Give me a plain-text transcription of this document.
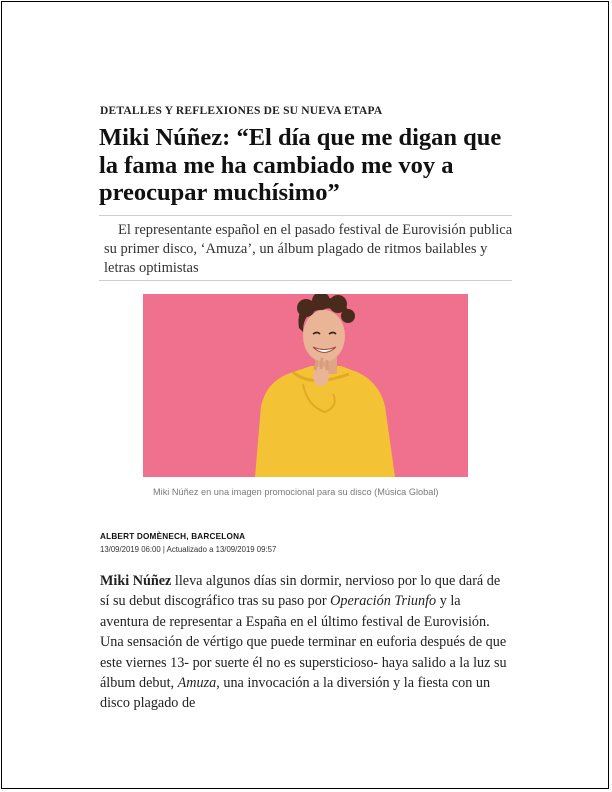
DETALLES Y REFLEXIONES DE SU NUEVA ETAPA
Miki Núñez: “El día que me digan que la fama me ha cambiado me voy a preocupar muchísimo”
El representante español en el pasado festival de Eurovisión publica su primer disco, ‘Amuza’, un álbum plagado de ritmos bailables y letras optimistas
Miki Núñez en una imagen promocional para su disco (Música Global)
ALBERT DOMÈNECH, BARCELONA
13/09/2019 06:00 | Actualizado a 13/09/2019 09:57
Miki Núñez lleva algunos días sin dormir, nervioso por lo que dará de sí su debut discográfico tras su paso por Operación Triunfo y la aventura de representar a España en el último festival de Eurovisión. Una sensación de vértigo que puede terminar en euforia después de que este viernes 13- por suerte él no es supersticioso- haya salido a la luz su álbum debut, Amuza, una invocación a la diversión y la fiesta con un disco plagado de
